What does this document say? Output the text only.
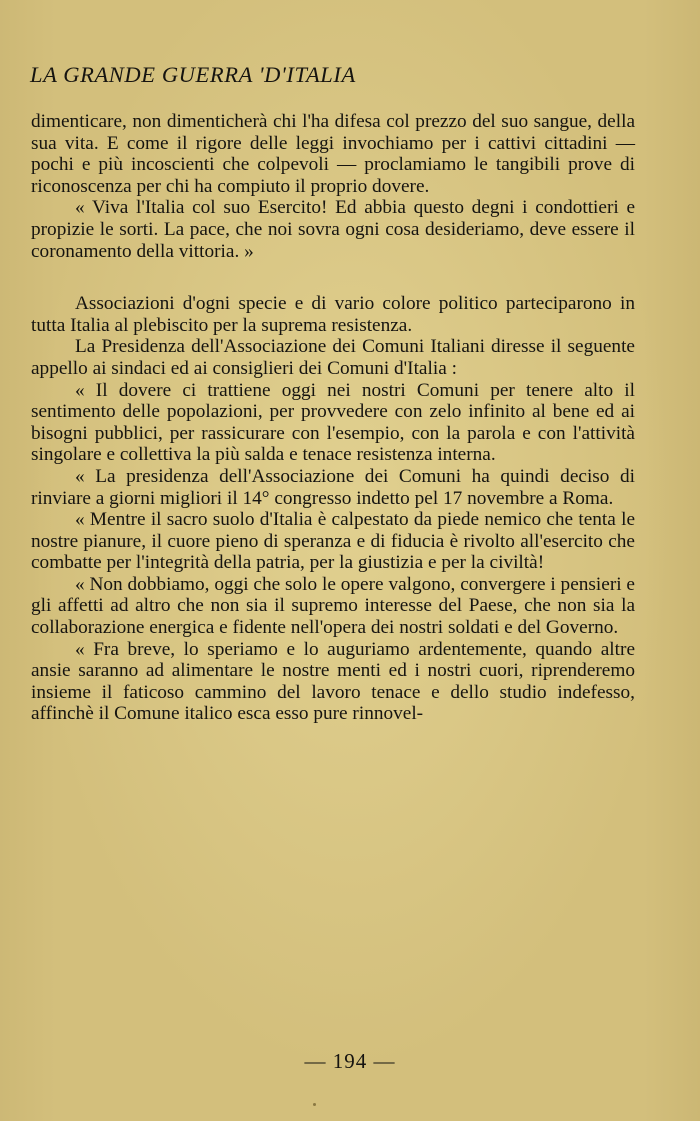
LA GRANDE GUERRA 'D'ITALIA

dimenticare, non dimenticherà chi l'ha difesa col prezzo del suo sangue, della sua vita. E come il rigore delle leggi invochiamo per i cattivi cittadini — pochi e più incoscienti che colpevoli — proclamiamo le tangibili prove di riconoscenza per chi ha compiuto il proprio dovere.

« Viva l'Italia col suo Esercito! Ed abbia questo degni i condottieri e propizie le sorti. La pace, che noi sovra ogni cosa desideriamo, deve essere il coronamento della vittoria. »

Associazioni d'ogni specie e di vario colore politico parteciparono in tutta Italia al plebiscito per la suprema resistenza.

La Presidenza dell'Associazione dei Comuni Italiani diresse il seguente appello ai sindaci ed ai consiglieri dei Comuni d'Italia :

« Il dovere ci trattiene oggi nei nostri Comuni per tenere alto il sentimento delle popolazioni, per provvedere con zelo infinito al bene ed ai bisogni pubblici, per rassicurare con l'esempio, con la parola e con l'attività singolare e collettiva la più salda e tenace resistenza interna.

« La presidenza dell'Associazione dei Comuni ha quindi deciso di rinviare a giorni migliori il 14° congresso indetto pel 17 novembre a Roma.

« Mentre il sacro suolo d'Italia è calpestato da piede nemico che tenta le nostre pianure, il cuore pieno di speranza e di fiducia è rivolto all'esercito che combatte per l'integrità della patria, per la giustizia e per la civiltà!

« Non dobbiamo, oggi che solo le opere valgono, convergere i pensieri e gli affetti ad altro che non sia il supremo interesse del Paese, che non sia la collaborazione energica e fidente nell'opera dei nostri soldati e del Governo.

« Fra breve, lo speriamo e lo auguriamo ardentemente, quando altre ansie saranno ad alimentare le nostre menti ed i nostri cuori, riprenderemo insieme il faticoso cammino del lavoro tenace e dello studio indefesso, affinchè il Comune italico esca esso pure rinnovel-

— 194 —
